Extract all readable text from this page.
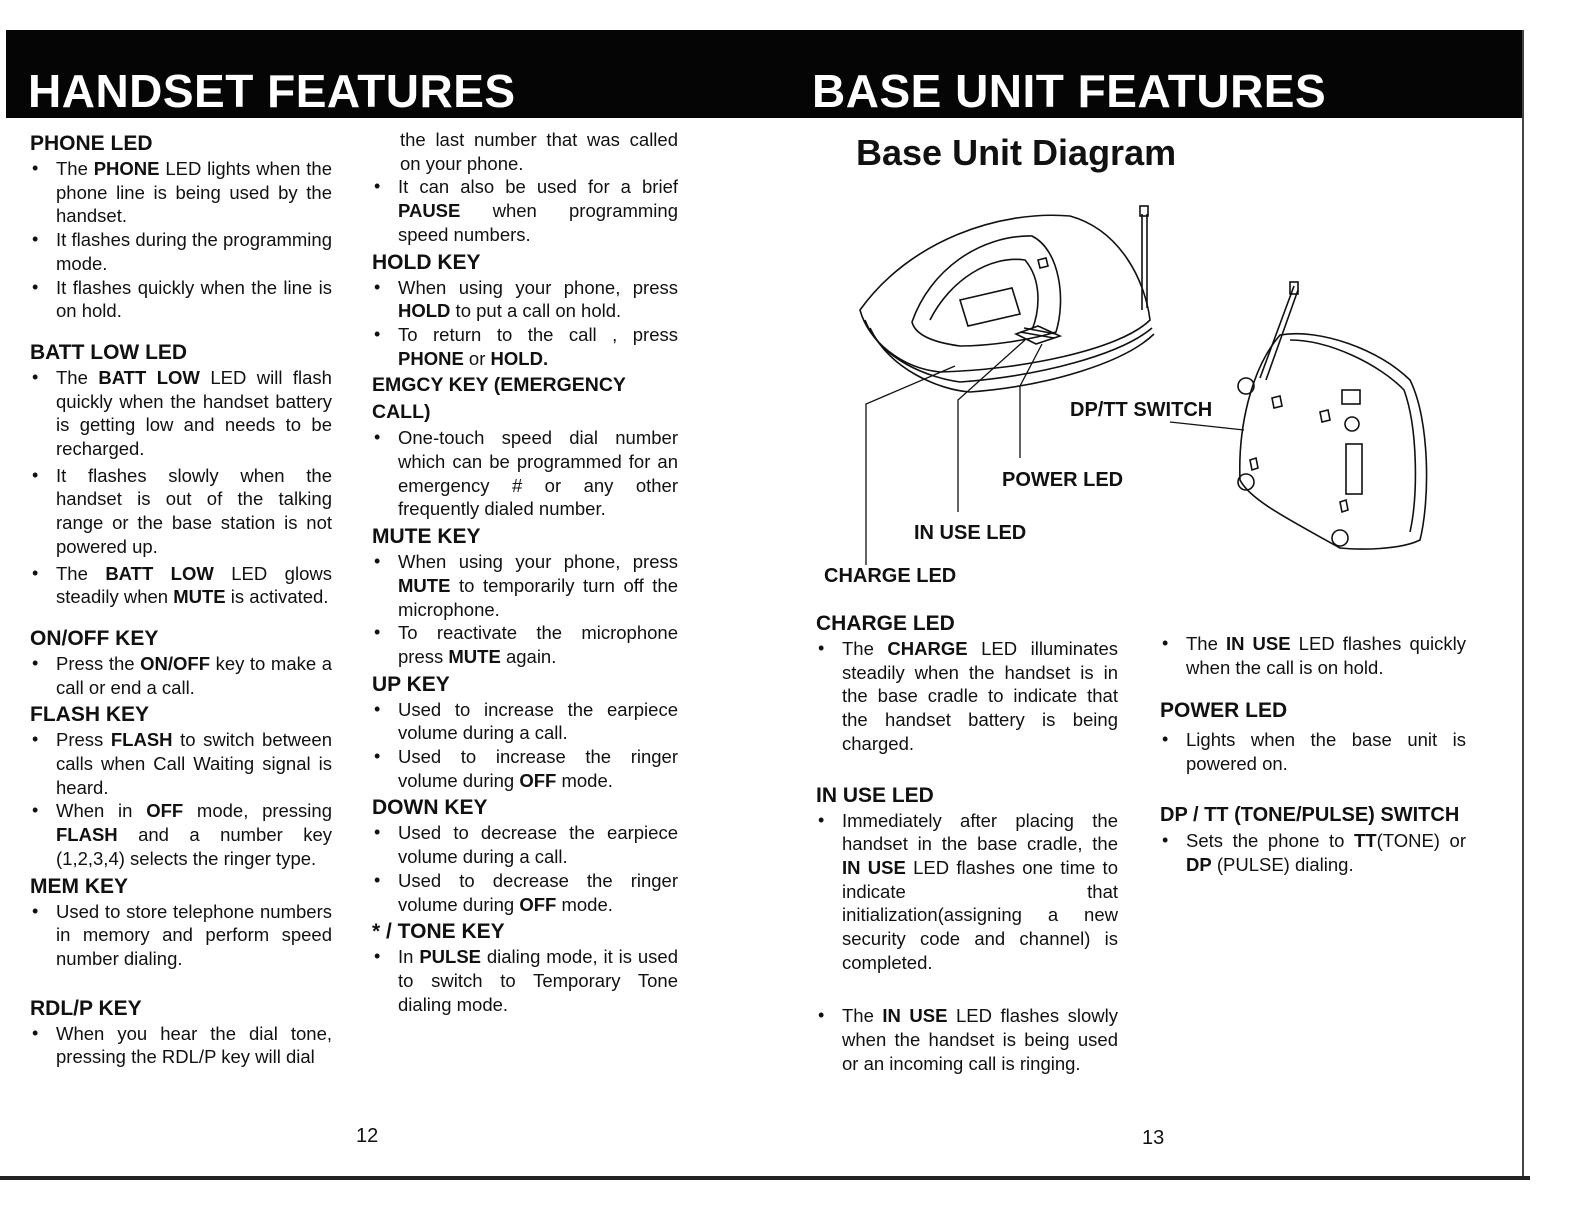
HANDSET FEATURES	BASE UNIT FEATURES
PHONE LED
• The PHONE LED lights when the phone line is being used by the handset.
• It flashes during the programming mode.
• It flashes quickly when the line is on hold.
BATT LOW LED
• The BATT LOW LED will flash quickly when the handset battery is getting low and needs to be recharged.
• It flashes slowly when the handset is out of the talking range or the base station is not powered up.
• The BATT LOW LED glows steadily when MUTE is activated.
ON/OFF KEY
• Press the ON/OFF key to make a call or end a call.
FLASH KEY
• Press FLASH to switch between calls when Call Waiting signal is heard.
• When in OFF mode, pressing FLASH and a number key (1,2,3,4) selects the ringer type.
MEM KEY
• Used to store telephone numbers in memory and perform speed number dialing.
RDL/P KEY
• When you hear the dial tone, pressing the RDL/P key will dial
the last number that was called on your phone.
• It can also be used for a brief PAUSE when programming speed numbers.
HOLD KEY
• When using your phone, press HOLD to put a call on hold.
• To return to the call , press PHONE or HOLD.
EMGCY KEY (EMERGENCY CALL)
• One-touch speed dial number which can be programmed for an emergency # or any other frequently dialed number.
MUTE KEY
• When using your phone, press MUTE to temporarily turn off the microphone.
• To reactivate the microphone press MUTE again.
UP KEY
• Used to increase the earpiece volume during a call.
• Used to increase the ringer volume during OFF mode.
DOWN KEY
• Used to decrease the earpiece volume during a call.
• Used to decrease the ringer volume during OFF mode.
* / TONE KEY
• In PULSE dialing mode, it is used to switch to Temporary Tone dialing mode.
Base Unit Diagram
DP/TT SWITCH
POWER LED
IN USE LED
CHARGE LED
CHARGE LED
• The CHARGE LED illuminates steadily when the handset is in the base cradle to indicate that the handset battery is being charged.
IN USE LED
• Immediately after placing the handset in the base cradle, the IN USE LED flashes one time to indicate that initialization(assigning a new security code and channel) is completed.
• The IN USE LED flashes slowly when the handset is being used or an incoming call is ringing.
• The IN USE LED flashes quickly when the call is on hold.
POWER LED
• Lights when the base unit is powered on.
DP / TT (TONE/PULSE) SWITCH
• Sets the phone to TT(TONE) or DP (PULSE) dialing.
12	13
